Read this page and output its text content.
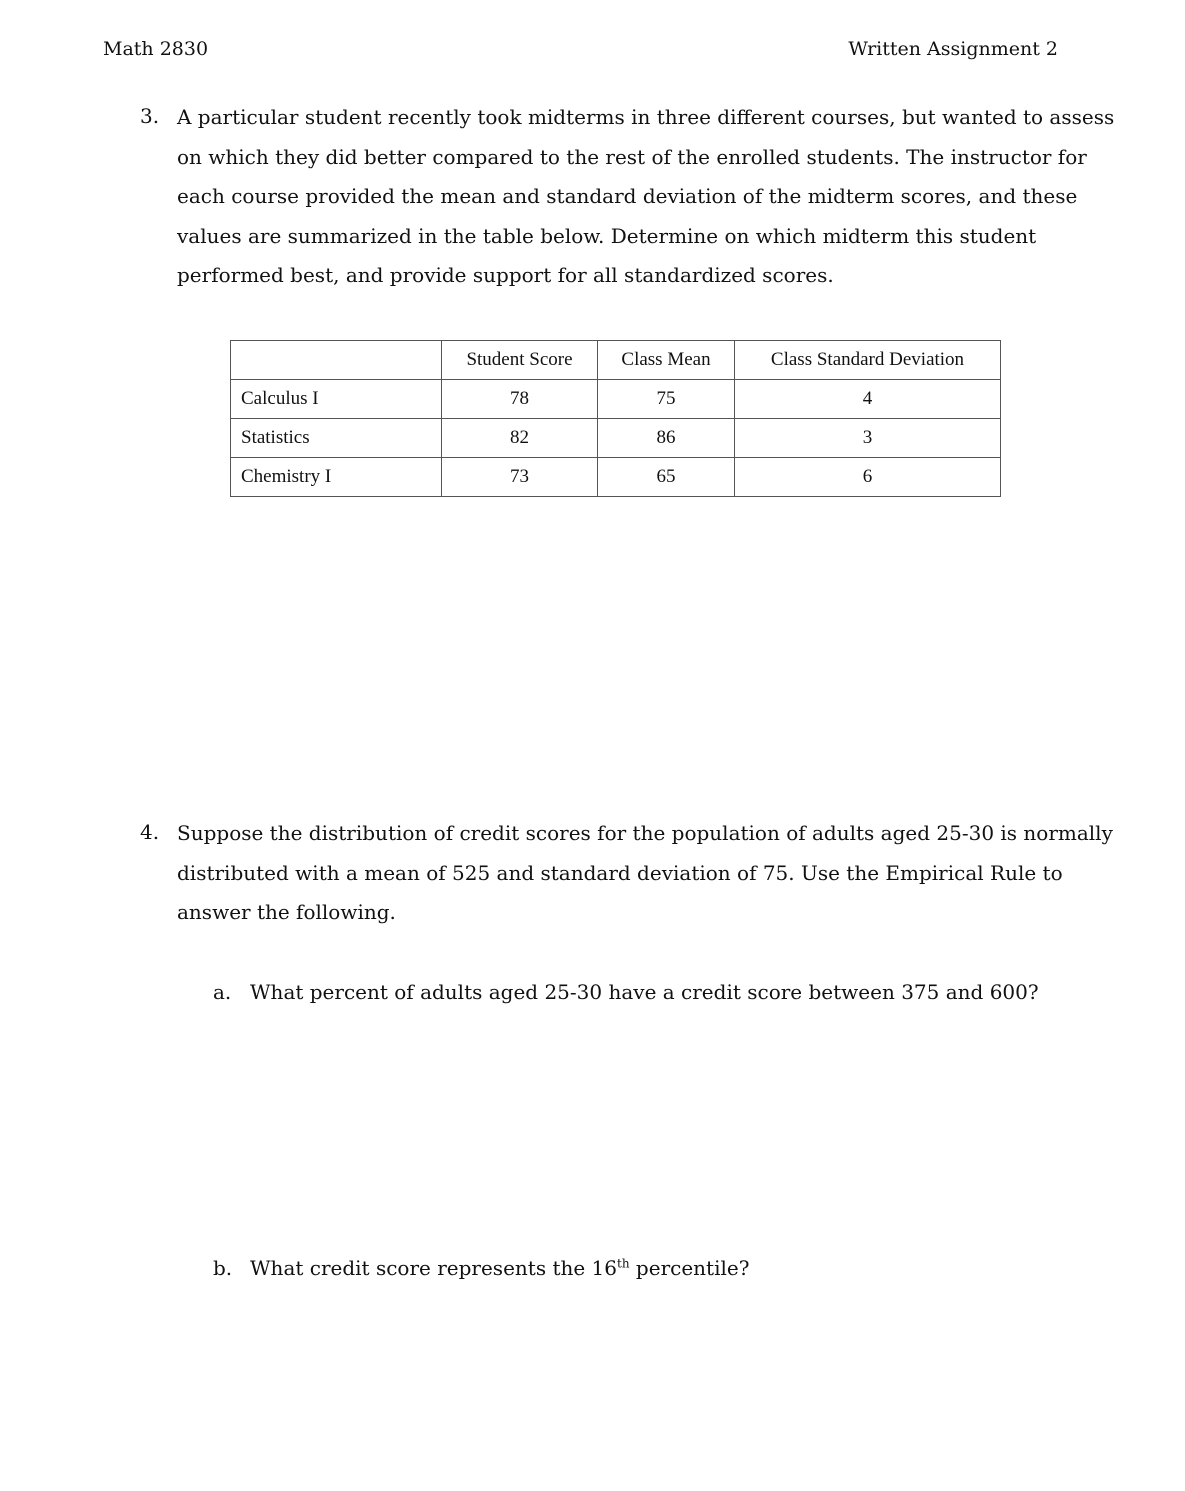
Math 2830	Written Assignment 2
3. A particular student recently took midterms in three different courses, but wanted to assess on which they did better compared to the rest of the enrolled students. The instructor for each course provided the mean and standard deviation of the midterm scores, and these values are summarized in the table below. Determine on which midterm this student performed best, and provide support for all standardized scores.
	Student Score	Class Mean	Class Standard Deviation
Calculus I	78	75	4
Statistics	82	86	3
Chemistry I	73	65	6
4. Suppose the distribution of credit scores for the population of adults aged 25-30 is normally distributed with a mean of 525 and standard deviation of 75. Use the Empirical Rule to answer the following.
a. What percent of adults aged 25-30 have a credit score between 375 and 600?
b. What credit score represents the 16th percentile?
